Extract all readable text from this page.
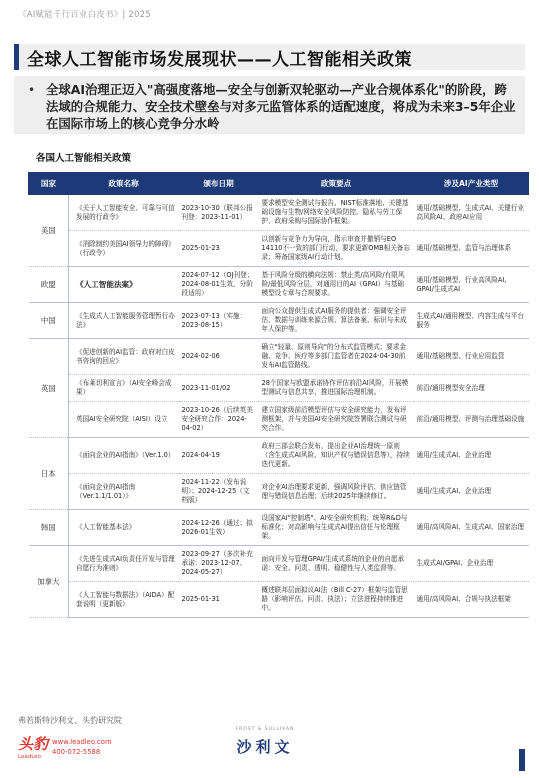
《AI赋能千行百业白皮书》| 2025
全球人工智能市场发展现状——人工智能相关政策
• 全球AI治理正迈入"高强度落地—安全与创新双轮驱动—产业合规体系化"的阶段，跨法域的合规能力、安全技术壁垒与对多元监管体系的适配速度，将成为未来3–5年企业在国际市场上的核心竞争分水岭
各国人工智能相关政策
国家	政策名称	颁布日期	政策要点	涉及AI产业类型
美国	《关于人工智能安全、可靠与可信发展的行政令》	2023-10-30（联邦公报刊登：2023-11-01）	要求模型安全测试与报告、NIST标准落地、关键基础设施与生物/网络安全风险防控、隐私与劳工保护、政府采购与国际协作框架。	通用/基础模型、生成式AI、关键行业高风险AI、政府AI应用
	《消除制约美国AI领导力的障碍》（行政令）	2025-01-23	以创新与竞争力为导向，指示审查并撤销与EO 14110不一致的部门行动，要求更新OMB相关备忘录；筹备国家级AI行动计划。	通用/基础模型、监管与治理体系
欧盟	《人工智能法案》	2024-07-12（OJ刊登；2024-08-01生效，分阶段适用）	基于风险分级的横向法规：禁止类/高风险/有限风险/最低风险分层，对通用目的AI（GPAI）与基础模型设专章与合规要求。	通用/基础模型、行业高风险AI、GPAI/生成式AI
中国	《生成式人工智能服务管理暂行办法》	2023-07-13（实施：2023-08-15）	面向公众提供生成式AI服务的提供者：强调安全评估、数据与训练来源合规、算法备案、标识与未成年人保护等。	生成式AI/通用模型、内容生成与平台服务
英国	《促进创新的AI监管：政府对白皮书咨询的回应》	2024-02-06	确立"轻量、原则导向"的分布式监管模式；要求金融、竞争、医疗等多部门监管者在2024-04-30前发布AI监管路线。	通用/基础模型、行业应用监管
	《布莱切利宣言》（AI安全峰会成果）	2023-11-01/02	28个国家与欧盟承诺协作评估前沿AI风险，开展模型测试与信息共享，推进国际治理机制。	前沿/通用模型安全治理
	英国AI安全研究院（AISI）设立	2023-10-26（后续英美安全研究合作：2024-04-02）	建立国家级前沿模型评估与安全研究能力，发布评测框架，并与美国AI安全研究院签署联合测试与研究合作。	前沿/通用模型、评测与治理基础设施
日本	《面向企业的AI指南》（Ver.1.0）	2024-04-19	政府三部会联合发布，提出企业AI治理统一原则（含生成式AI风险、知识产权与错误信息等），持续迭代更新。	通用/生成式AI、企业治理
	《面向企业的AI指南（Ver.1.1/1.01）》	2024-11-22（发布说明）；2024-12-25（文档版）	对企业AI治理要求更新，强调风险评估、供应链管理与错误信息治理；后续2025年继续修订。	通用/生成式AI、企业治理
韩国	《人工智能基本法》	2024-12-26（通过；拟2026-01生效）	设国家AI"控制塔"、AI安全研究机构；统筹R&D与标准化；对高影响与生成式AI提出信任与伦理框架。	通用/高风险AI、生成式AI、国家治理
加拿大	《先进生成式AI负责任开发与管理自愿行为准则》	2023-09-27（多次补充承诺：2023-12-07、2024-05-27）	面向开发与管理GPAI/生成式系统的企业的自愿承诺：安全、问责、透明、稳健性与人类监督等。	生成式AI/GPAI、企业治理
	《人工智能与数据法》（AIDA）配套说明（更新版）	2025-01-31	概述联邦层面拟议AI法（Bill C-27）框架与监管思路（影响评估、问责、执法）；立法进程持续推进中。	通用/高风险AI、合规与执法框架
弗若斯特沙利文、头豹研究院
头豹
LeadLeo
www.leadleo.com
400-072-5588
FROST & SULLIVAN
沙利文
